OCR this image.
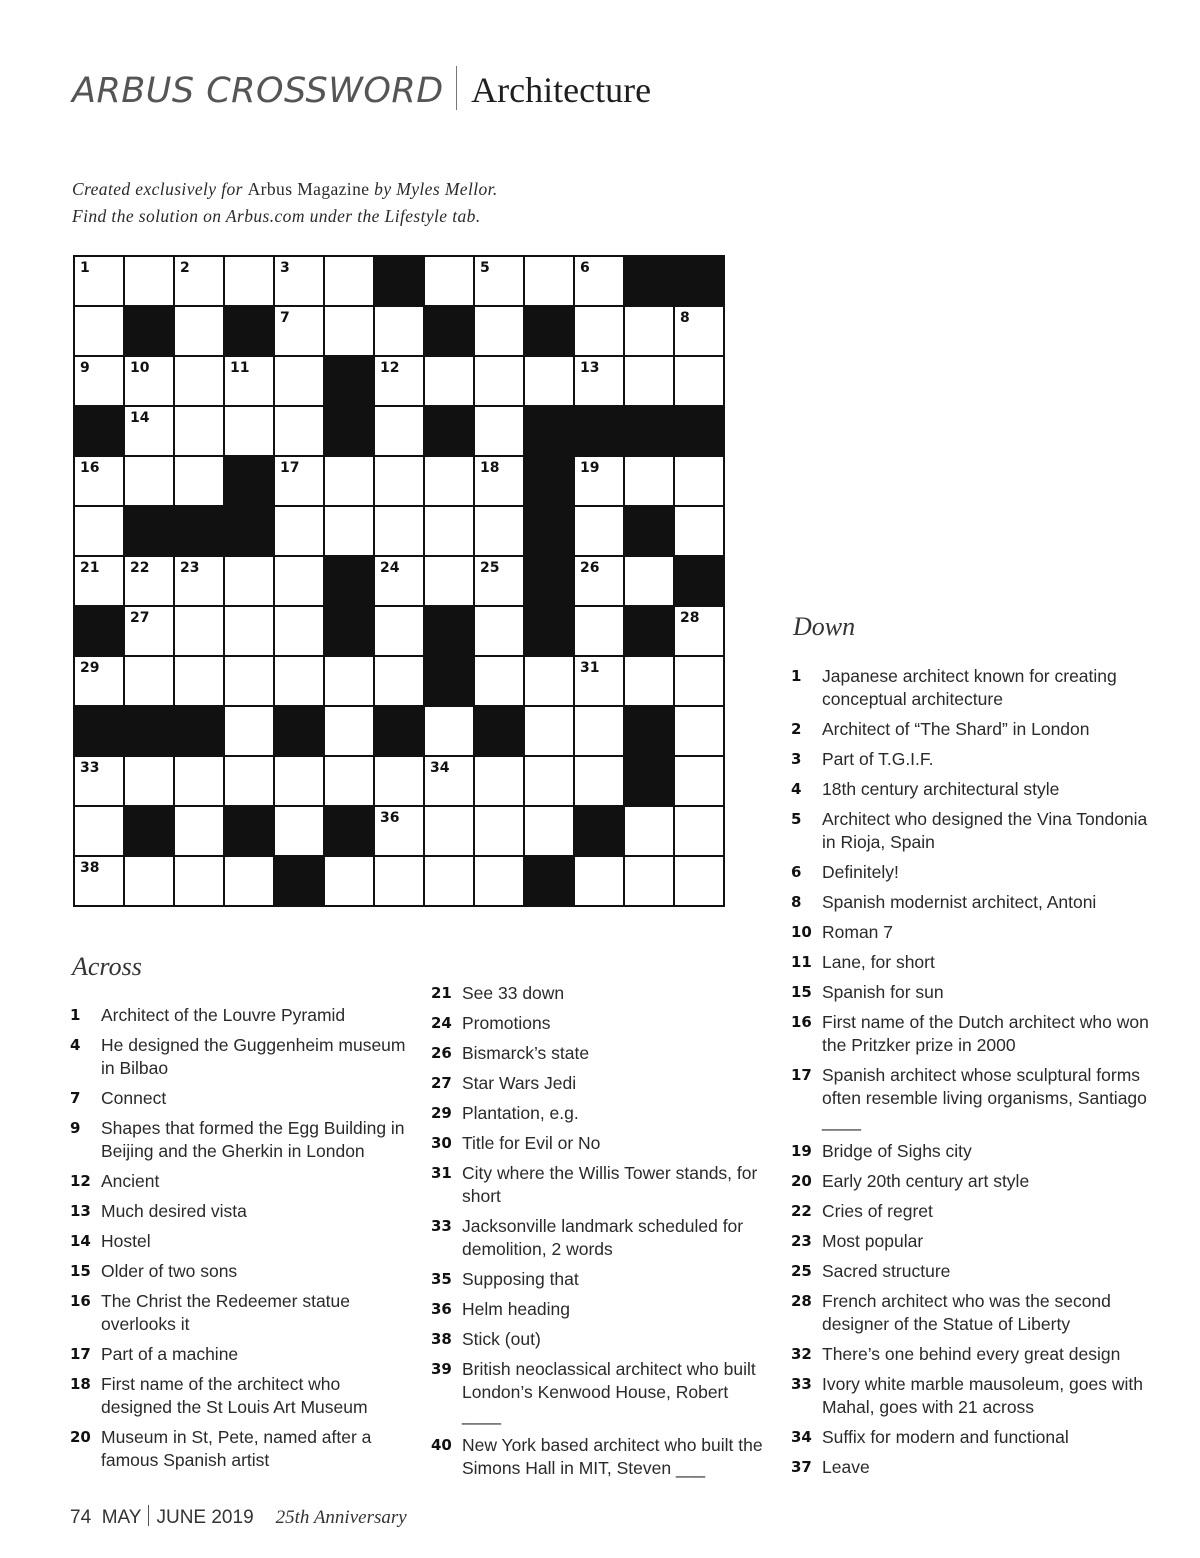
ARBUS CROSSWORD Architecture
Created exclusively for Arbus Magazine by Myles Mellor.
Find the solution on Arbus.com under the Lifestyle tab.
1	2	3	5	6
7	8
9	10	11	12	13
14
16	17	18	19
21 22 23	24	25	26
27	28
29	31
33	34
36
38
Across
1 Architect of the Louvre Pyramid
4 He designed the Guggenheim museum in Bilbao
7 Connect
9 Shapes that formed the Egg Building in Beijing and the Gherkin in London
12 Ancient
13 Much desired vista
14 Hostel
15 Older of two sons
16 The Christ the Redeemer statue overlooks it
17 Part of a machine
18 First name of the architect who designed the St Louis Art Museum
20 Museum in St, Pete, named after a famous Spanish artist
21 See 33 down
24 Promotions
26 Bismarck’s state
27 Star Wars Jedi
29 Plantation, e.g.
30 Title for Evil or No
31 City where the Willis Tower stands, for short
33 Jacksonville landmark scheduled for demolition, 2 words
35 Supposing that
36 Helm heading
38 Stick (out)
39 British neoclassical architect who built London’s Kenwood House, Robert ____
40 New York based architect who built the Simons Hall in MIT, Steven ___
Down
1 Japanese architect known for creating conceptual architecture
2 Architect of “The Shard” in London
3 Part of T.G.I.F.
4 18th century architectural style
5 Architect who designed the Vina Tondonia in Rioja, Spain
6 Definitely!
8 Spanish modernist architect, Antoni
10 Roman 7
11 Lane, for short
15 Spanish for sun
16 First name of the Dutch architect who won the Pritzker prize in 2000
17 Spanish architect whose sculptural forms often resemble living organisms, Santiago ____
19 Bridge of Sighs city
20 Early 20th century art style
22 Cries of regret
23 Most popular
25 Sacred structure
28 French architect who was the second designer of the Statue of Liberty
32 There’s one behind every great design
33 Ivory white marble mausoleum, goes with Mahal, goes with 21 across
34 Suffix for modern and functional
37 Leave
74 MAY JUNE 2019 25th Anniversary
